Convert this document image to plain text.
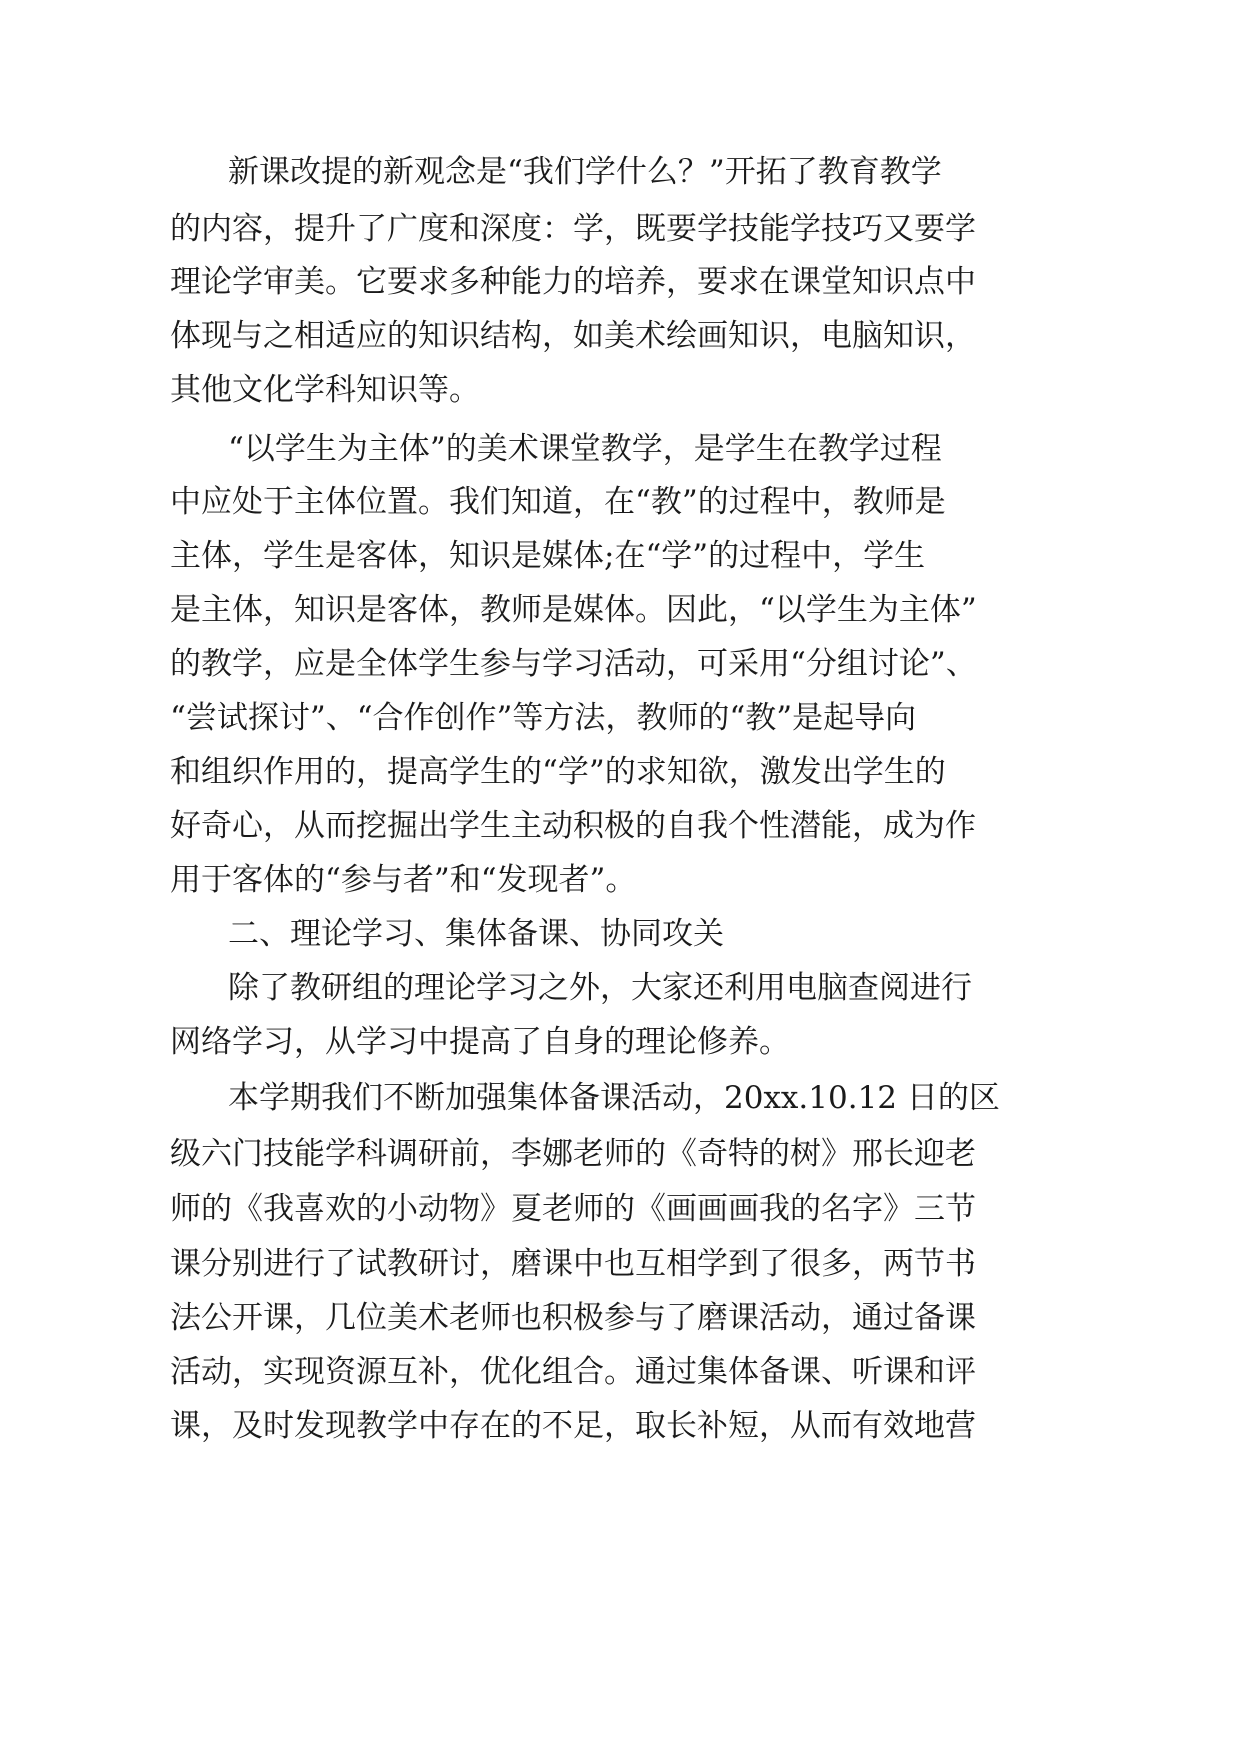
新课改提的新观念是“我们学什么？”开拓了教育教学
的内容，提升了广度和深度：学，既要学技能学技巧又要学
理论学审美。它要求多种能力的培养，要求在课堂知识点中
体现与之相适应的知识结构，如美术绘画知识，电脑知识，
其他文化学科知识等。
“以学生为主体”的美术课堂教学，是学生在教学过程
中应处于主体位置。我们知道，在“教”的过程中，教师是
主体，学生是客体，知识是媒体;在“学”的过程中，学生
是主体，知识是客体，教师是媒体。因此，“以学生为主体”
的教学，应是全体学生参与学习活动，可采用“分组讨论”、
“尝试探讨”、“合作创作”等方法，教师的“教”是起导向
和组织作用的，提高学生的“学”的求知欲，激发出学生的
好奇心，从而挖掘出学生主动积极的自我个性潜能，成为作
用于客体的“参与者”和“发现者”。
二、理论学习、集体备课、协同攻关
除了教研组的理论学习之外，大家还利用电脑查阅进行
网络学习，从学习中提高了自身的理论修养。
本学期我们不断加强集体备课活动，20xx.10.12 日的区
级六门技能学科调研前，李娜老师的《奇特的树》邢长迎老
师的《我喜欢的小动物》夏老师的《画画画我的名字》三节
课分别进行了试教研讨，磨课中也互相学到了很多，两节书
法公开课，几位美术老师也积极参与了磨课活动，通过备课
活动，实现资源互补，优化组合。通过集体备课、听课和评
课，及时发现教学中存在的不足，取长补短，从而有效地营
